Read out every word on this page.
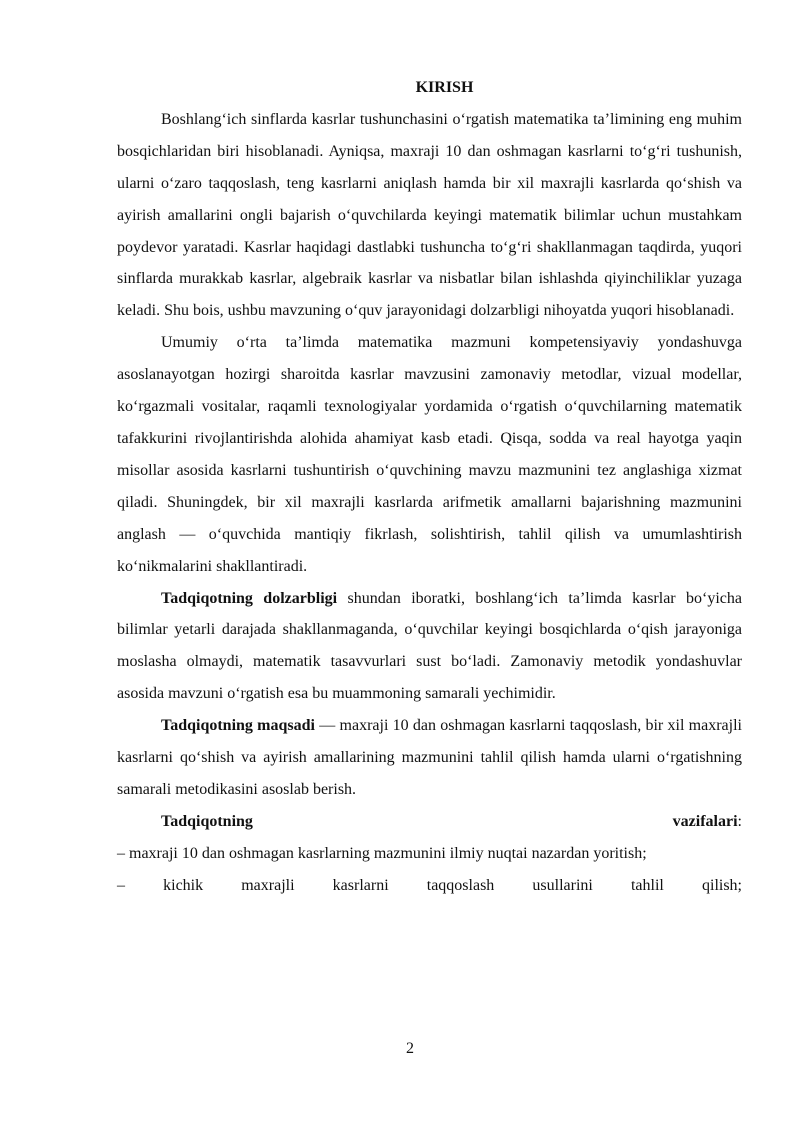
KIRISH

Boshlang‘ich sinflarda kasrlar tushunchasini o‘rgatish matematika ta’limining eng muhim bosqichlaridan biri hisoblanadi. Ayniqsa, maxraji 10 dan oshmagan kasrlarni to‘g‘ri tushunish, ularni o‘zaro taqqoslash, teng kasrlarni aniqlash hamda bir xil maxrajli kasrlarda qo‘shish va ayirish amallarini ongli bajarish o‘quvchilarda keyingi matematik bilimlar uchun mustahkam poydevor yaratadi. Kasrlar haqidagi dastlabki tushuncha to‘g‘ri shakllanmagan taqdirda, yuqori sinflarda murakkab kasrlar, algebraik kasrlar va nisbatlar bilan ishlashda qiyinchiliklar yuzaga keladi. Shu bois, ushbu mavzuning o‘quv jarayonidagi dolzarbligi nihoyatda yuqori hisoblanadi.

Umumiy o‘rta ta’limda matematika mazmuni kompetensiyaviy yondashuvga asoslanayotgan hozirgi sharoitda kasrlar mavzusini zamonaviy metodlar, vizual modellar, ko‘rgazmali vositalar, raqamli texnologiyalar yordamida o‘rgatish o‘quvchilarning matematik tafakkurini rivojlantirishda alohida ahamiyat kasb etadi. Qisqa, sodda va real hayotga yaqin misollar asosida kasrlarni tushuntirish o‘quvchining mavzu mazmunini tez anglashiga xizmat qiladi. Shuningdek, bir xil maxrajli kasrlarda arifmetik amallarni bajarishning mazmunini anglash — o‘quvchida mantiqiy fikrlash, solishtirish, tahlil qilish va umumlashtirish ko‘nikmalarini shakllantiradi.

Tadqiqotning dolzarbligi shundan iboratki, boshlang‘ich ta’limda kasrlar bo‘yicha bilimlar yetarli darajada shakllanmaganda, o‘quvchilar keyingi bosqichlarda o‘qish jarayoniga moslasha olmaydi, matematik tasavvurlari sust bo‘ladi. Zamonaviy metodik yondashuvlar asosida mavzuni o‘rgatish esa bu muammoning samarali yechimidir.

Tadqiqotning maqsadi — maxraji 10 dan oshmagan kasrlarni taqqoslash, bir xil maxrajli kasrlarni qo‘shish va ayirish amallarining mazmunini tahlil qilish hamda ularni o‘rgatishning samarali metodikasini asoslab berish.

Tadqiqotning	vazifalari:

– maxraji 10 dan oshmagan kasrlarning mazmunini ilmiy nuqtai nazardan yoritish;
– kichik maxrajli kasrlarni taqqoslash usullarini tahlil qilish;
2
